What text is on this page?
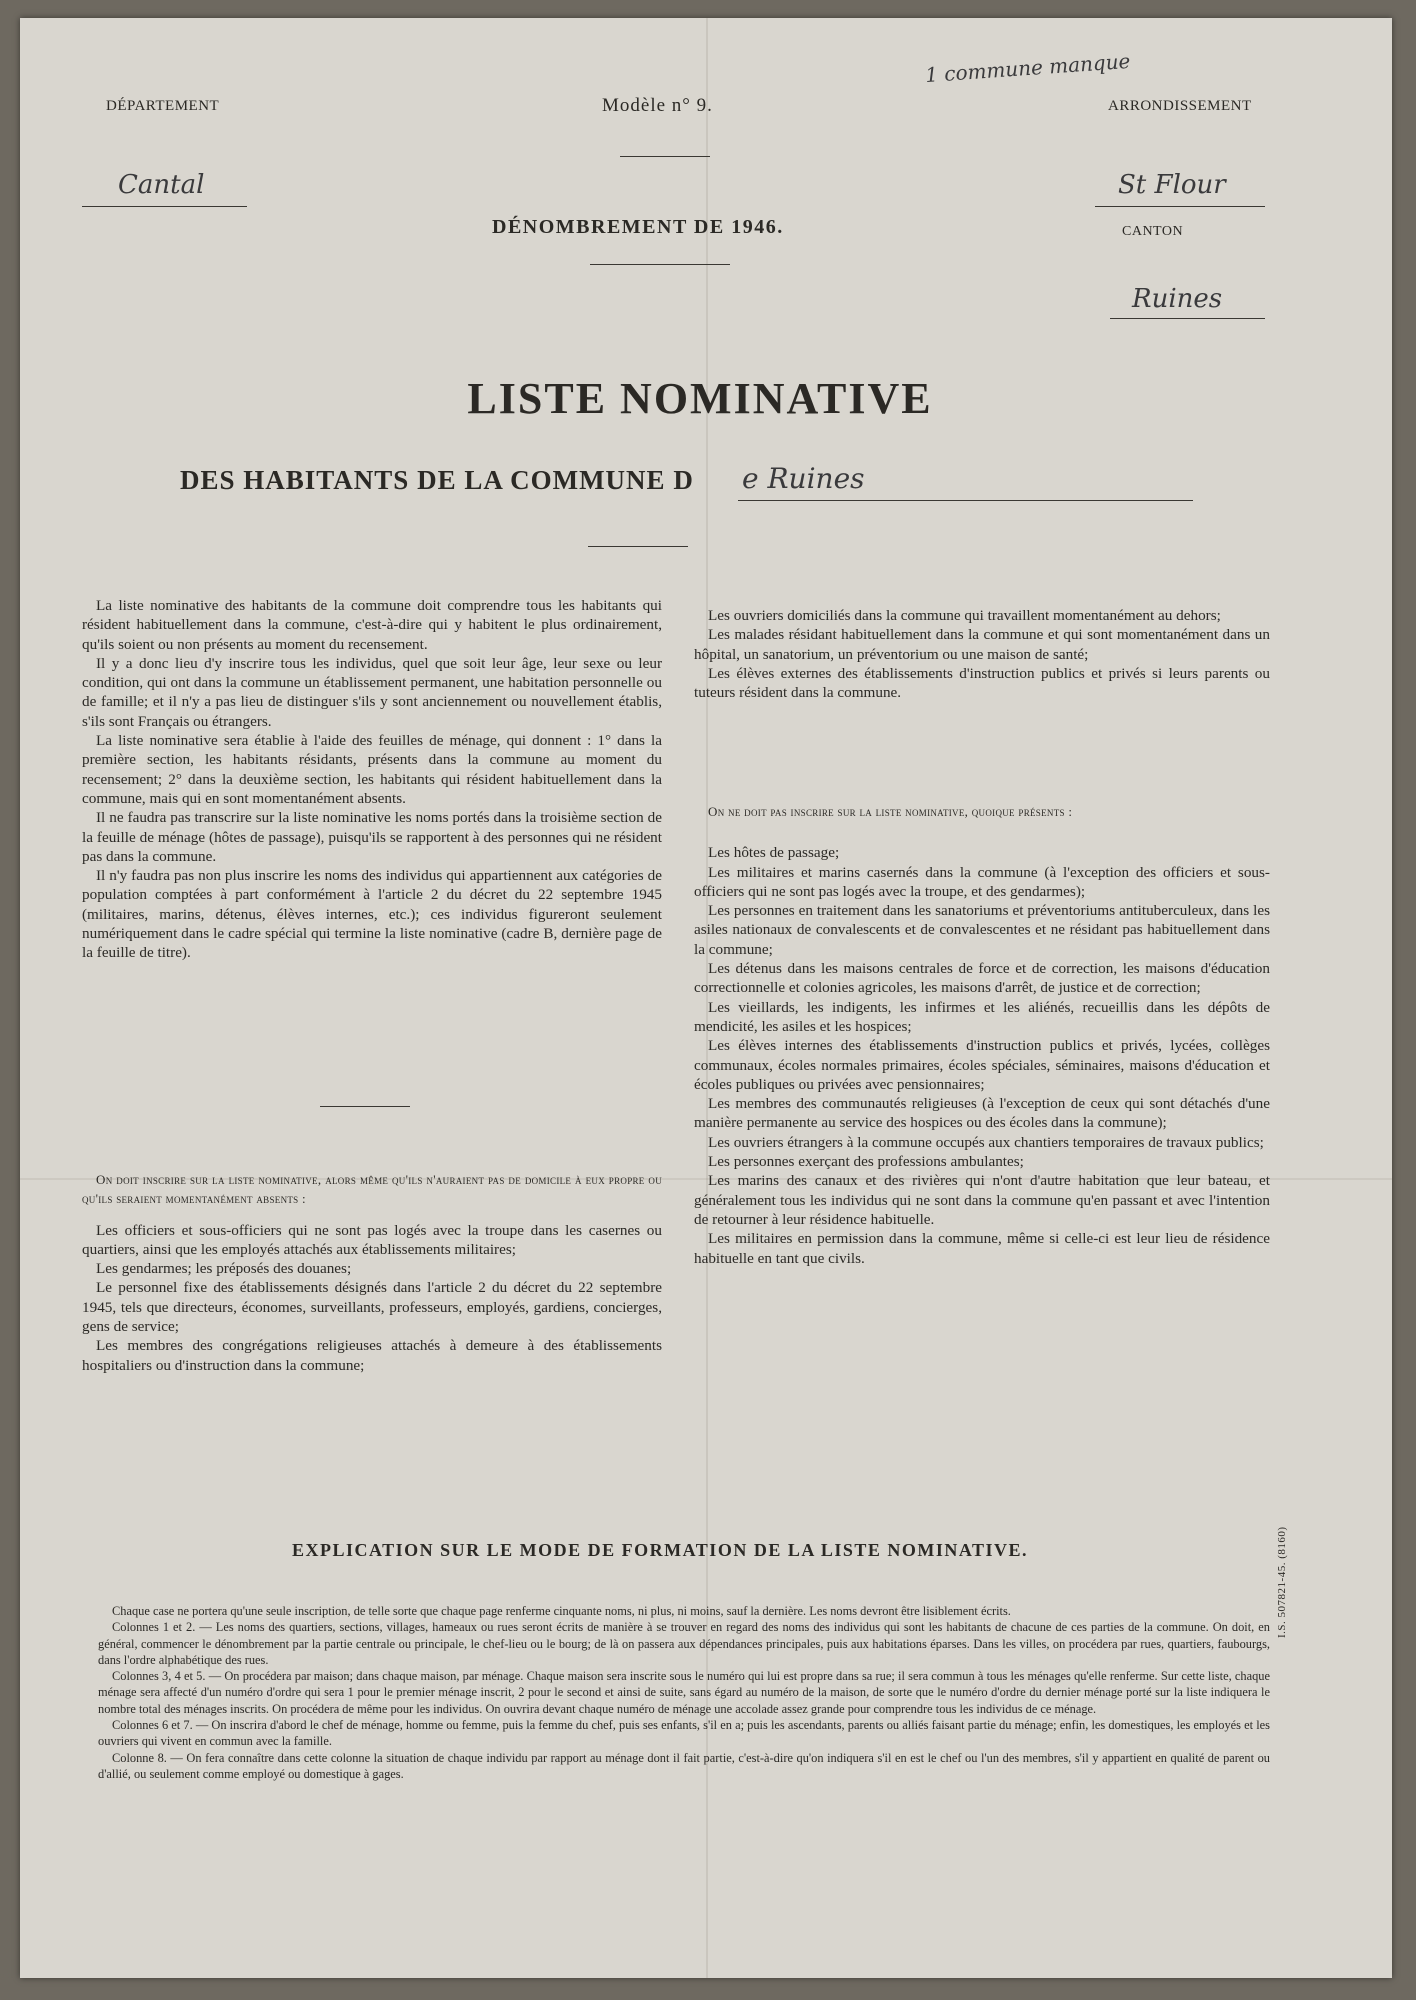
1 commune manque
DÉPARTEMENT	Modèle n° 9.	ARRONDISSEMENT
Cantal	St Flour
DÉNOMBREMENT DE 1946.	CANTON
Ruines
LISTE NOMINATIVE
DES HABITANTS DE LA COMMUNE D e Ruines

La liste nominative des habitants de la commune doit comprendre tous les habitants qui résident habituellement dans la commune, c'est-à-dire qui y habitent le plus ordinairement, qu'ils soient ou non présents au moment du recensement.

Il y a donc lieu d'y inscrire tous les individus, quel que soit leur âge, leur sexe ou leur condition, qui ont dans la commune un établissement permanent, une habitation personnelle ou de famille; et il n'y a pas lieu de distinguer s'ils y sont anciennement ou nouvellement établis, s'ils sont Français ou étrangers.

La liste nominative sera établie à l'aide des feuilles de ménage, qui donnent : 1° dans la première section, les habitants résidants, présents dans la commune au moment du recensement; 2° dans la deuxième section, les habitants qui résident habituellement dans la commune, mais qui en sont momentanément absents.

Il ne faudra pas transcrire sur la liste nominative les noms portés dans la troisième section de la feuille de ménage (hôtes de passage), puisqu'ils se rapportent à des personnes qui ne résident pas dans la commune.

Il n'y faudra pas non plus inscrire les noms des individus qui appartiennent aux catégories de population comptées à part conformément à l'article 2 du décret du 22 septembre 1945 (militaires, marins, détenus, élèves internes, etc.); ces individus figureront seulement numériquement dans le cadre spécial qui termine la liste nominative (cadre B, dernière page de la feuille de titre).

On doit inscrire sur la liste nominative, alors même qu'ils n'auraient pas de domicile à eux propre ou qu'ils seraient momentanément absents :

Les officiers et sous-officiers qui ne sont pas logés avec la troupe dans les casernes ou quartiers, ainsi que les employés attachés aux établissements militaires;

Les gendarmes; les préposés des douanes;

Le personnel fixe des établissements désignés dans l'article 2 du décret du 22 septembre 1945, tels que directeurs, économes, surveillants, professeurs, employés, gardiens, concierges, gens de service;

Les membres des congrégations religieuses attachés à demeure à des établissements hospitaliers ou d'instruction dans la commune;

Les ouvriers domiciliés dans la commune qui travaillent momentanément au dehors;

Les malades résidant habituellement dans la commune et qui sont momentanément dans un hôpital, un sanatorium, un préventorium ou une maison de santé;

Les élèves externes des établissements d'instruction publics et privés si leurs parents ou tuteurs résident dans la commune.

On ne doit pas inscrire sur la liste nominative, quoique présents :

Les hôtes de passage;

Les militaires et marins casernés dans la commune (à l'exception des officiers et sous-officiers qui ne sont pas logés avec la troupe, et des gendarmes);

Les personnes en traitement dans les sanatoriums et préventoriums antituberculeux, dans les asiles nationaux de convalescents et de convalescentes et ne résidant pas habituellement dans la commune;

Les détenus dans les maisons centrales de force et de correction, les maisons d'éducation correctionnelle et colonies agricoles, les maisons d'arrêt, de justice et de correction;

Les vieillards, les indigents, les infirmes et les aliénés, recueillis dans les dépôts de mendicité, les asiles et les hospices;

Les élèves internes des établissements d'instruction publics et privés, lycées, collèges communaux, écoles normales primaires, écoles spéciales, séminaires, maisons d'éducation et écoles publiques ou privées avec pensionnaires;

Les membres des communautés religieuses (à l'exception de ceux qui sont détachés d'une manière permanente au service des hospices ou des écoles dans la commune);

Les ouvriers étrangers à la commune occupés aux chantiers temporaires de travaux publics;

Les personnes exerçant des professions ambulantes;

Les marins des canaux et des rivières qui n'ont d'autre habitation que leur bateau, et généralement tous les individus qui ne sont dans la commune qu'en passant et avec l'intention de retourner à leur résidence habituelle.

Les militaires en permission dans la commune, même si celle-ci est leur lieu de résidence habituelle en tant que civils.

EXPLICATION SUR LE MODE DE FORMATION DE LA LISTE NOMINATIVE.

Chaque case ne portera qu'une seule inscription, de telle sorte que chaque page renferme cinquante noms, ni plus, ni moins, sauf la dernière. Les noms devront être lisiblement écrits.

Colonnes 1 et 2. — Les noms des quartiers, sections, villages, hameaux ou rues seront écrits de manière à se trouver en regard des noms des individus qui sont les habitants de chacune de ces parties de la commune. On doit, en général, commencer le dénombrement par la partie centrale ou principale, le chef-lieu ou le bourg; de là on passera aux dépendances principales, puis aux habitations éparses. Dans les villes, on procédera par rues, quartiers, faubourgs, dans l'ordre alphabétique des rues.

Colonnes 3, 4 et 5. — On procédera par maison; dans chaque maison, par ménage. Chaque maison sera inscrite sous le numéro qui lui est propre dans sa rue; il sera commun à tous les ménages qu'elle renferme. Sur cette liste, chaque ménage sera affecté d'un numéro d'ordre qui sera 1 pour le premier ménage inscrit, 2 pour le second et ainsi de suite, sans égard au numéro de la maison, de sorte que le numéro d'ordre du dernier ménage porté sur la liste indiquera le nombre total des ménages inscrits. On procédera de même pour les individus. On ouvrira devant chaque numéro de ménage une accolade assez grande pour comprendre tous les individus de ce ménage.

Colonnes 6 et 7. — On inscrira d'abord le chef de ménage, homme ou femme, puis la femme du chef, puis ses enfants, s'il en a; puis les ascendants, parents ou alliés faisant partie du ménage; enfin, les domestiques, les employés et les ouvriers qui vivent en commun avec la famille.

Colonne 8. — On fera connaître dans cette colonne la situation de chaque individu par rapport au ménage dont il fait partie, c'est-à-dire qu'on indiquera s'il en est le chef ou l'un des membres, s'il y appartient en qualité de parent ou d'allié, ou seulement comme employé ou domestique à gages.

I.S. 507821-45. (8160)
